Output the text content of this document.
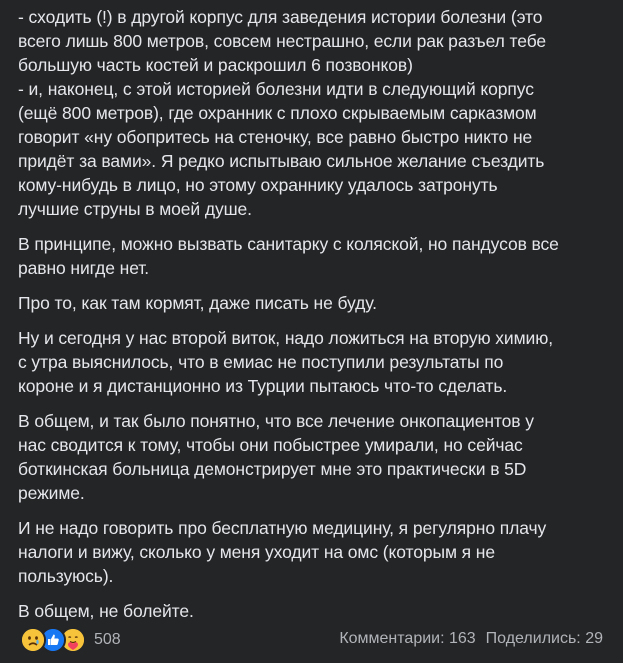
- сходить (!) в другой корпус для заведения истории болезни (это
всего лишь 800 метров, совсем нестрашно, если рак разъел тебе
большую часть костей и раскрошил 6 позвонков)
- и, наконец, с этой историей болезни идти в следующий корпус
(ещё 800 метров), где охранник с плохо скрываемым сарказмом
говорит «ну обопритесь на стеночку, все равно быстро никто не
придёт за вами». Я редко испытываю сильное желание съездить
кому-нибудь в лицо, но этому охраннику удалось затронуть
лучшие струны в моей душе.
В принципе, можно вызвать санитарку с коляской, но пандусов все
равно нигде нет.
Про то, как там кормят, даже писать не буду.
Ну и сегодня у нас второй виток, надо ложиться на вторую химию,
с утра выяснилось, что в емиас не поступили результаты по
короне и я дистанционно из Турции пытаюсь что-то сделать.
В общем, и так было понятно, что все лечение онкопациентов у
нас сводится к тому, чтобы они побыстрее умирали, но сейчас
боткинская больница демонстрирует мне это практически в 5D
режиме.
И не надо говорить про бесплатную медицину, я регулярно плачу
налоги и вижу, сколько у меня уходит на омс (которым я не
пользуюсь).
В общем, не болейте.
508	Комментарии: 163 Поделились: 29
